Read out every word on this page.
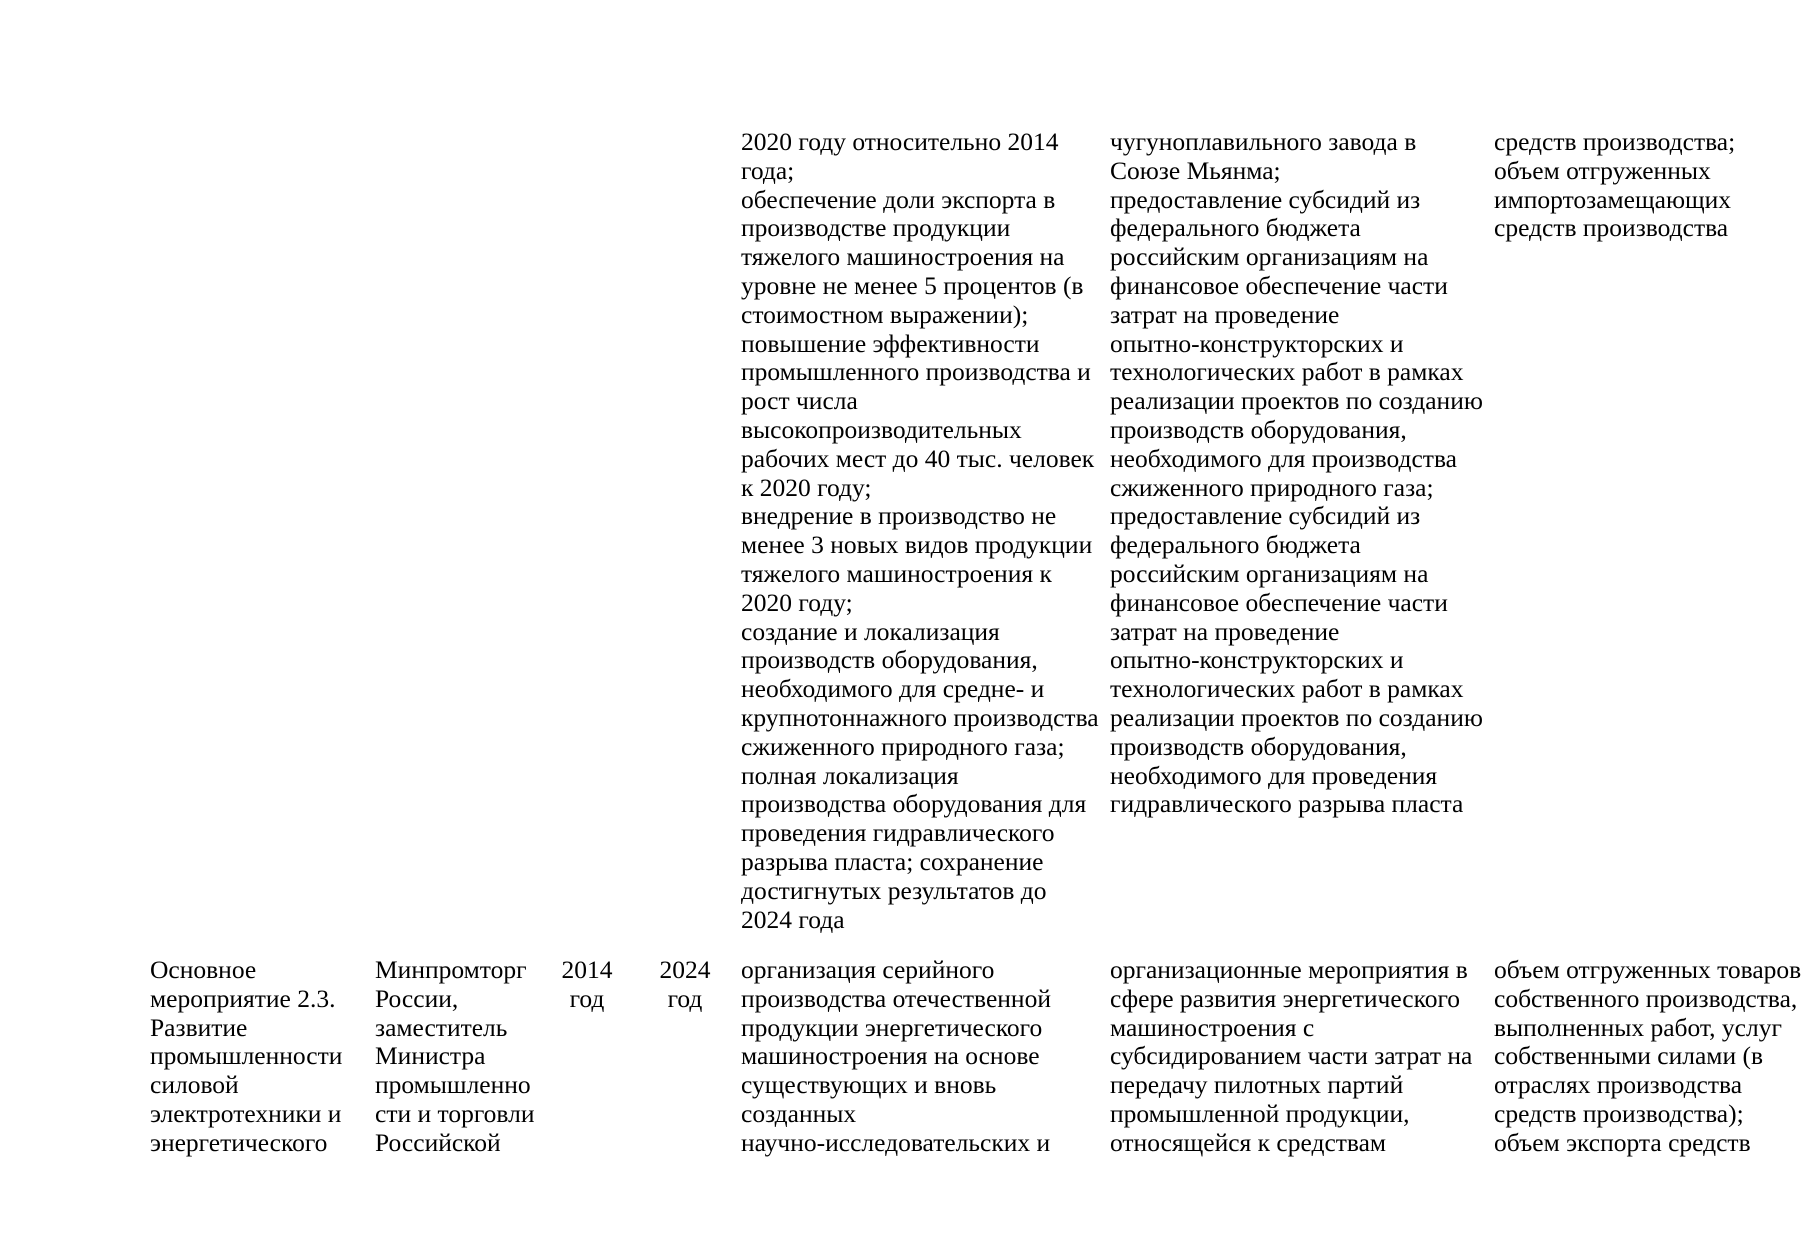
2020 году относительно 2014
года;
обеспечение доли экспорта в
производстве продукции
тяжелого машиностроения на
уровне не менее 5 процентов (в
стоимостном выражении);
повышение эффективности
промышленного производства и
рост числа
высокопроизводительных
рабочих мест до 40 тыс. человек
к 2020 году;
внедрение в производство не
менее 3 новых видов продукции
тяжелого машиностроения к
2020 году;
создание и локализация
производств оборудования,
необходимого для средне- и
крупнотоннажного производства
сжиженного природного газа;
полная локализация
производства оборудования для
проведения гидравлического
разрыва пласта; сохранение
достигнутых результатов до
2024 года
чугуноплавильного завода в
Союзе Мьянма;
предоставление субсидий из
федерального бюджета
российским организациям на
финансовое обеспечение части
затрат на проведение
опытно-конструкторских и
технологических работ в рамках
реализации проектов по созданию
производств оборудования,
необходимого для производства
сжиженного природного газа;
предоставление субсидий из
федерального бюджета
российским организациям на
финансовое обеспечение части
затрат на проведение
опытно-конструкторских и
технологических работ в рамках
реализации проектов по созданию
производств оборудования,
необходимого для проведения
гидравлического разрыва пласта
средств производства;
объем отгруженных
импортозамещающих
средств производства
Основное
мероприятие 2.3.
Развитие
промышленности
силовой
электротехники и
энергетического
Минпромторг
России,
заместитель
Министра
промышленно
сти и торговли
Российской
2014
год
2024
год
организация серийного
производства отечественной
продукции энергетического
машиностроения на основе
существующих и вновь
созданных
научно-исследовательских и
организационные мероприятия в
сфере развития энергетического
машиностроения с
субсидированием части затрат на
передачу пилотных партий
промышленной продукции,
относящейся к средствам
объем отгруженных товаров
собственного производства,
выполненных работ, услуг
собственными силами (в
отраслях производства
средств производства);
объем экспорта средств
